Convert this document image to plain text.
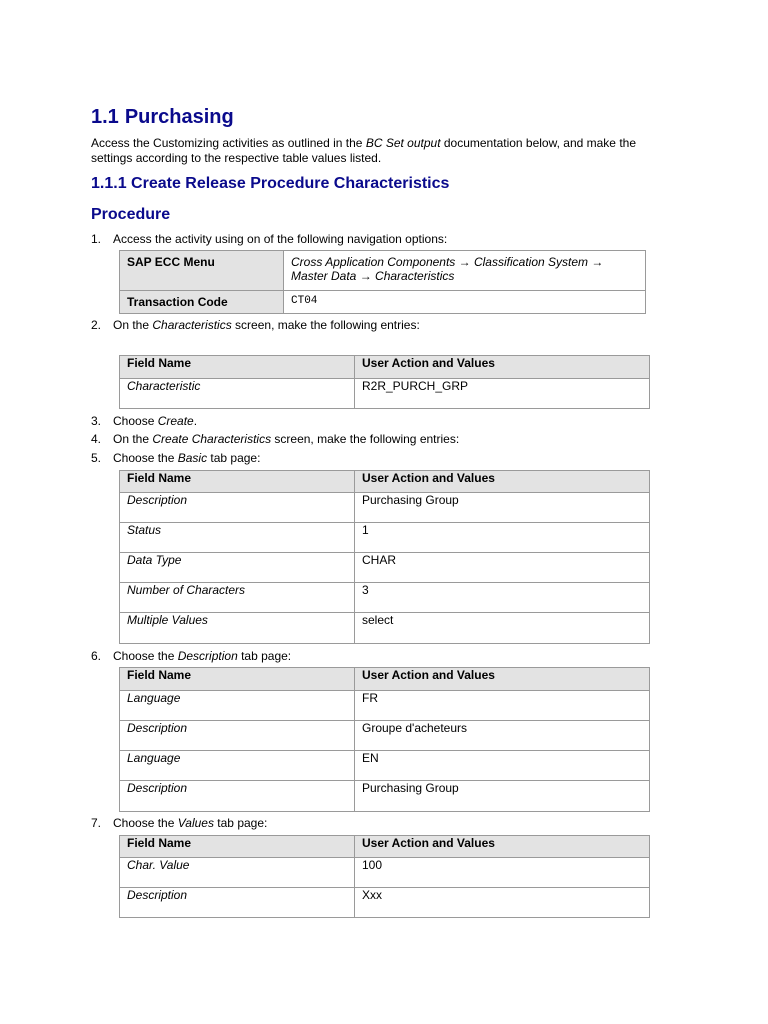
1.1 Purchasing

Access the Customizing activities as outlined in the BC Set output documentation below, and make the settings according to the respective table values listed.

1.1.1 Create Release Procedure Characteristics
Procedure

1. Access the activity using on of the following navigation options:

SAP ECC Menu	Cross Application Components → Classification System →
Master Data → Characteristics
Transaction Code	CT04

2. On the Characteristics screen, make the following entries:

Field Name	User Action and Values
Characteristic	R2R_PURCH_GRP

3. Choose Create.

4. On the Create Characteristics screen, make the following entries:

5. Choose the Basic tab page:

Field Name	User Action and Values
Description	Purchasing Group
Status	1
Data Type	CHAR
Number of Characters	3
Multiple Values	select

6. Choose the Description tab page:

Field Name	User Action and Values
Language	FR
Description	Groupe d'acheteurs
Language	EN
Description	Purchasing Group

7. Choose the Values tab page:

Field Name	User Action and Values
Char. Value	100
Description	Xxx
